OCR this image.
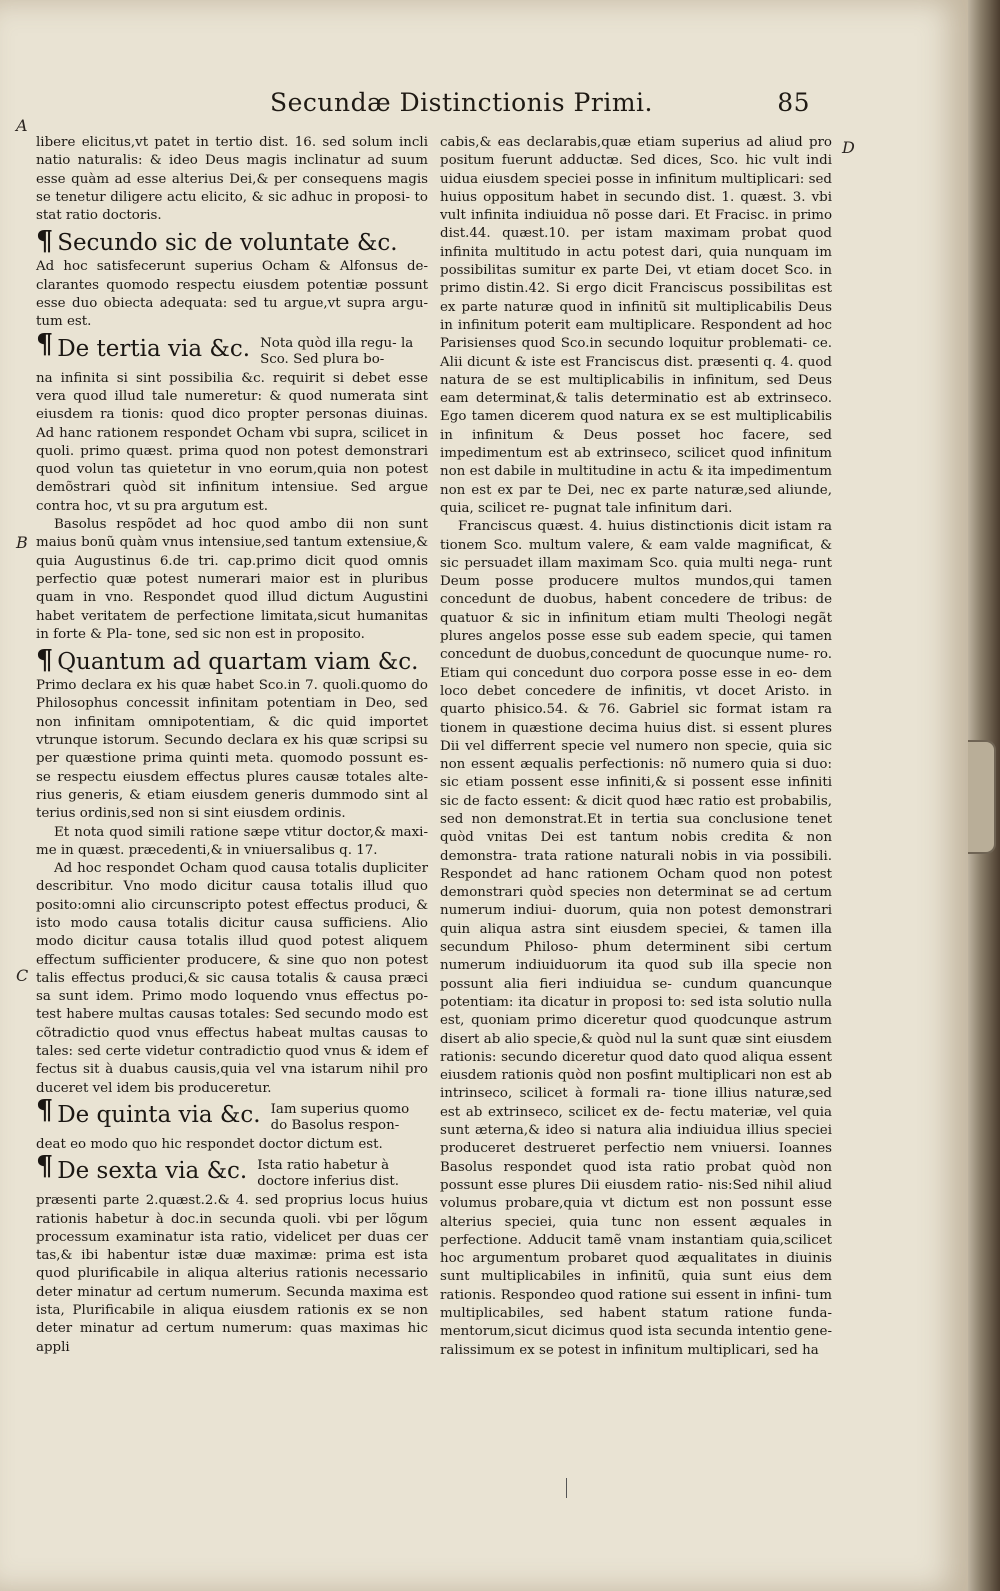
Secundæ Distinctionis Primi.	85
A
B
C
D

libere elicitus,vt patet in tertio dist. 16. sed solum incli natio naturalis: & ideo Deus magis inclinatur ad suum esse quàm ad esse alterius Dei,& per consequens magis se tenetur diligere actu elicito, & sic adhuc in proposi- to stat ratio doctoris.

¶ Secundo sic de voluntate &c.

Ad hoc satisfecerunt superius Ocham & Alfonsus de- clarantes quomodo respectu eiusdem potentiæ possunt esse duo obiecta adequata: sed tu argue,vt supra argu- tum est.

¶ De tertia via &c. Nota quòd illa regu- la Sco. Sed plura bo-

na infinita si sint possibilia &c. requirit si debet esse vera quod illud tale numeretur: & quod numerata sint eiusdem ra tionis: quod dico propter personas diuinas. Ad hanc rationem respondet Ocham vbi supra, scilicet in quoli. primo quæst. prima quod non potest demonstrari quod volun tas quietetur in vno eorum,quia non potest demõstrari quòd sit infinitum intensiue. Sed argue contra hoc, vt su pra argutum est.

Basolus respõdet ad hoc quod ambo dii non sunt maius bonũ quàm vnus intensiue,sed tantum extensiue,& quia Augustinus 6.de tri. cap.primo dicit quod omnis perfectio quæ potest numerari maior est in pluribus quam in vno. Respondet quod illud dictum Augustini habet veritatem de perfectione limitata,sicut humanitas in forte & Pla- tone, sed sic non est in proposito.

¶ Quantum ad quartam viam &c.

Primo declara ex his quæ habet Sco.in 7. quoli.quomo do Philosophus concessit infinitam potentiam in Deo, sed non infinitam omnipotentiam, & dic quid importet vtrunque istorum. Secundo declara ex his quæ scripsi su per quæstione prima quinti meta. quomodo possunt es- se respectu eiusdem effectus plures causæ totales alte- rius generis, & etiam eiusdem generis dummodo sint al terius ordinis,sed non si sint eiusdem ordinis.

Et nota quod simili ratione sæpe vtitur doctor,& maxi- me in quæst. præcedenti,& in vniuersalibus q. 17.

Ad hoc respondet Ocham quod causa totalis dupliciter describitur. Vno modo dicitur causa totalis illud quo posito:omni alio circunscripto potest effectus produci, & isto modo causa totalis dicitur causa sufficiens. Alio modo dicitur causa totalis illud quod potest aliquem effectum sufficienter producere, & sine quo non potest talis effectus produci,& sic causa totalis & causa præci sa sunt idem. Primo modo loquendo vnus effectus po- test habere multas causas totales: Sed secundo modo est cõtradictio quod vnus effectus habeat multas causas to tales: sed certe videtur contradictio quod vnus & idem ef fectus sit à duabus causis,quia vel vna istarum nihil pro duceret vel idem bis produceretur.

¶ De quinta via &c. Iam superius quomo do Basolus respon-

deat eo modo quo hic respondet doctor dictum est.

¶ De sexta via &c. Ista ratio habetur à doctore inferius dist.

præsenti parte 2.quæst.2.& 4. sed proprius locus huius rationis habetur à doc.in secunda quoli. vbi per lõgum processum examinatur ista ratio, videlicet per duas cer tas,& ibi habentur istæ duæ maximæ: prima est ista quod plurificabile in aliqua alterius rationis necessario deter minatur ad certum numerum. Secunda maxima est ista, Plurificabile in aliqua eiusdem rationis ex se non deter minatur ad certum numerum: quas maximas hic appli

cabis,& eas declarabis,quæ etiam superius ad aliud pro positum fuerunt adductæ. Sed dices, Sco. hic vult indi uidua eiusdem speciei posse in infinitum multiplicari: sed huius oppositum habet in secundo dist. 1. quæst. 3. vbi vult infinita indiuidua nõ posse dari. Et Fracisc. in primo dist.44. quæst.10. per istam maximam probat quod infinita multitudo in actu potest dari, quia nunquam im possibilitas sumitur ex parte Dei, vt etiam docet Sco. in primo distin.42. Si ergo dicit Franciscus possibilitas est ex parte naturæ quod in infinitũ sit multiplicabilis Deus in infinitum poterit eam multiplicare. Respondent ad hoc Parisienses quod Sco.in secundo loquitur problemati- ce. Alii dicunt & iste est Franciscus dist. præsenti q. 4. quod natura de se est multiplicabilis in infinitum, sed Deus eam determinat,& talis determinatio est ab extrinseco. Ego tamen dicerem quod natura ex se est multiplicabilis in infinitum & Deus posset hoc facere, sed impedimentum est ab extrinseco, scilicet quod infinitum non est dabile in multitudine in actu & ita impedimentum non est ex par te Dei, nec ex parte naturæ,sed aliunde, quia, scilicet re- pugnat tale infinitum dari.

Franciscus quæst. 4. huius distinctionis dicit istam ra tionem Sco. multum valere, & eam valde magnificat, & sic persuadet illam maximam Sco. quia multi nega- runt Deum posse producere multos mundos,qui tamen concedunt de duobus, habent concedere de tribus: de quatuor & sic in infinitum etiam multi Theologi negãt plures angelos posse esse sub eadem specie, qui tamen concedunt de duobus,concedunt de quocunque nume- ro. Etiam qui concedunt duo corpora posse esse in eo- dem loco debet concedere de infinitis, vt docet Aristo. in quarto phisico.54. & 76. Gabriel sic format istam ra tionem in quæstione decima huius dist. si essent plures Dii vel differrent specie vel numero non specie, quia sic non essent æqualis perfectionis: nõ numero quia si duo: sic etiam possent esse infiniti,& si possent esse infiniti sic de facto essent: & dicit quod hæc ratio est probabilis, sed non demonstrat.Et in tertia sua conclusione tenet quòd vnitas Dei est tantum nobis credita & non demonstra- trata ratione naturali nobis in via possibili. Respondet ad hanc rationem Ocham quod non potest demonstrari quòd species non determinat se ad certum numerum indiui- duorum, quia non potest demonstrari quin aliqua astra sint eiusdem speciei, & tamen illa secundum Philoso- phum determinent sibi certum numerum indiuiduorum ita quod sub illa specie non possunt alia fieri indiuidua se- cundum quancunque potentiam: ita dicatur in proposi to: sed ista solutio nulla est, quoniam primo diceretur quod quodcunque astrum disert ab alio specie,& quòd nul la sunt quæ sint eiusdem rationis: secundo diceretur quod dato quod aliqua essent eiusdem rationis quòd non posfint multiplicari non est ab intrinseco, scilicet à formali ra- tione illius naturæ,sed est ab extrinseco, scilicet ex de- fectu materiæ, vel quia sunt æterna,& ideo si natura alia indiuidua illius speciei produceret destrueret perfectio nem vniuersi. Ioannes Basolus respondet quod ista ratio probat quòd non possunt esse plures Dii eiusdem ratio- nis:Sed nihil aliud volumus probare,quia vt dictum est non possunt esse alterius speciei, quia tunc non essent æquales in perfectione. Adducit tamẽ vnam instantiam quia,scilicet hoc argumentum probaret quod æqualitates in diuinis sunt multiplicabiles in infinitũ, quia sunt eius dem rationis. Respondeo quod ratione sui essent in infini- tum multiplicabiles, sed habent statum ratione funda- mentorum,sicut dicimus quod ista secunda intentio gene- ralissimum ex se potest in infinitum multiplicari, sed ha
